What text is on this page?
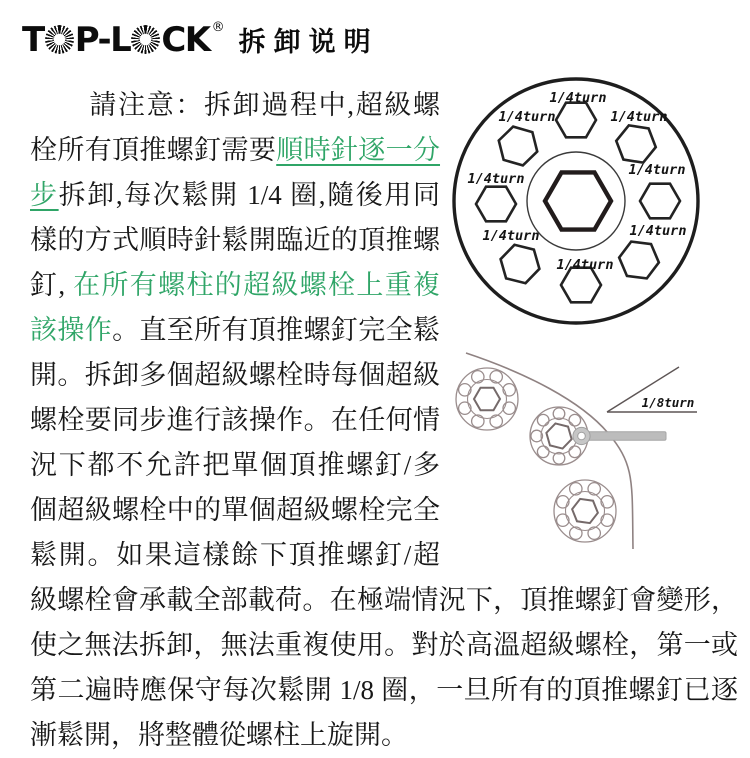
T P-L CK ® 拆卸说明
1/4turn
1/4turn
1/4turn
1/4turn
1/4turn
1/4turn
1/4turn
1/4turn
1/8turn

請注意：拆卸過程中,超級螺栓所有頂推螺釘需要順時針逐一分步拆卸,每次鬆開 1/4 圈,隨後用同樣的方式順時針鬆開臨近的頂推螺釘, 在所有螺柱的超級螺栓上重複該操作。直至所有頂推螺釘完全鬆開。拆卸多個超級螺栓時每個超級螺栓要同步進行該操作。在任何情況下都不允許把單個頂推螺釘/多個超級螺栓中的單個超級螺栓完全鬆開。如果這樣餘下頂推螺釘/超級螺栓會承載全部載荷。在極端情況下，頂推螺釘會變形，使之無法拆卸，無法重複使用。對於高溫超級螺栓，第一或第二遍時應保守每次鬆開 1/8 圈，一旦所有的頂推螺釘已逐漸鬆開，將整體從螺柱上旋開。
